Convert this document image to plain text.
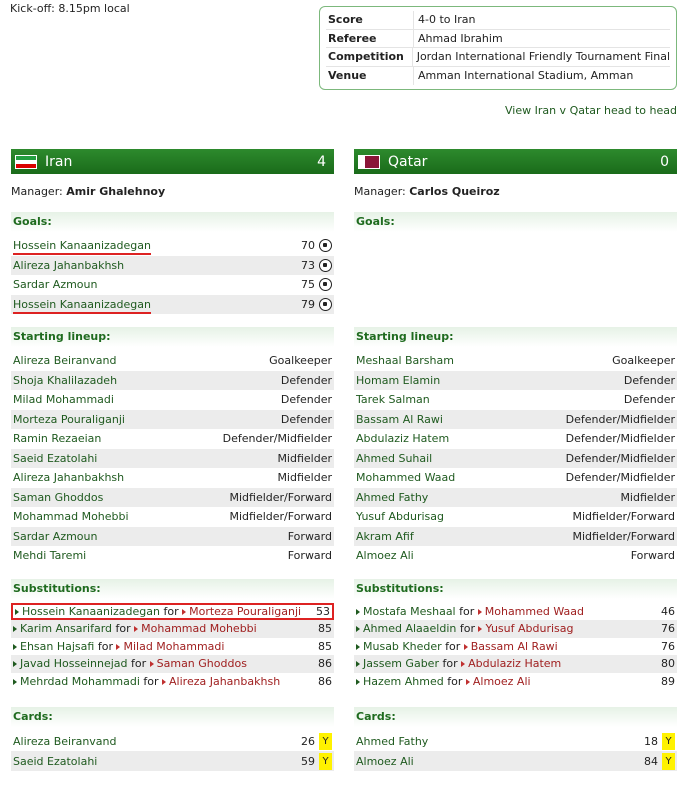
Kick-off: 8.15pm local
Score	4-0 to Iran
Referee	Ahmad Ibrahim
Competition	Jordan International Friendly Tournament Final
Venue	Amman International Stadium, Amman
View Iran v Qatar head to head
Iran	4
Manager: Amir Ghalehnoy
Goals:
Hossein Kanaanizadegan	70
Alireza Jahanbakhsh	73
Sardar Azmoun	75
Hossein Kanaanizadegan	79
Starting lineup:
Alireza Beiranvand	Goalkeeper
Shoja Khalilazadeh	Defender
Milad Mohammadi	Defender
Morteza Pouraliganji	Defender
Ramin Rezaeian	Defender/Midfielder
Saeid Ezatolahi	Midfielder
Alireza Jahanbakhsh	Midfielder
Saman Ghoddos	Midfielder/Forward
Mohammad Mohebbi	Midfielder/Forward
Sardar Azmoun	Forward
Mehdi Taremi	Forward
Substitutions:
Hossein Kanaanizadegan for Morteza Pouraliganji	53
Karim Ansarifard for Mohammad Mohebbi	85
Ehsan Hajsafi for Milad Mohammadi	85
Javad Hosseinnejad for Saman Ghoddos	86
Mehrdad Mohammadi for Alireza Jahanbakhsh	86
Cards:
Alireza Beiranvand	26 Y
Saeid Ezatolahi	59 Y
Qatar	0
Manager: Carlos Queiroz
Goals:
Starting lineup:
Meshaal Barsham	Goalkeeper
Homam Elamin	Defender
Tarek Salman	Defender
Bassam Al Rawi	Defender/Midfielder
Abdulaziz Hatem	Defender/Midfielder
Ahmed Suhail	Defender/Midfielder
Mohammed Waad	Defender/Midfielder
Ahmed Fathy	Midfielder
Yusuf Abdurisag	Midfielder/Forward
Akram Afif	Midfielder/Forward
Almoez Ali	Forward
Substitutions:
Mostafa Meshaal for Mohammed Waad	46
Ahmed Alaaeldin for Yusuf Abdurisag	76
Musab Kheder for Bassam Al Rawi	76
Jassem Gaber for Abdulaziz Hatem	80
Hazem Ahmed for Almoez Ali	89
Cards:
Ahmed Fathy	18 Y
Almoez Ali	84 Y
